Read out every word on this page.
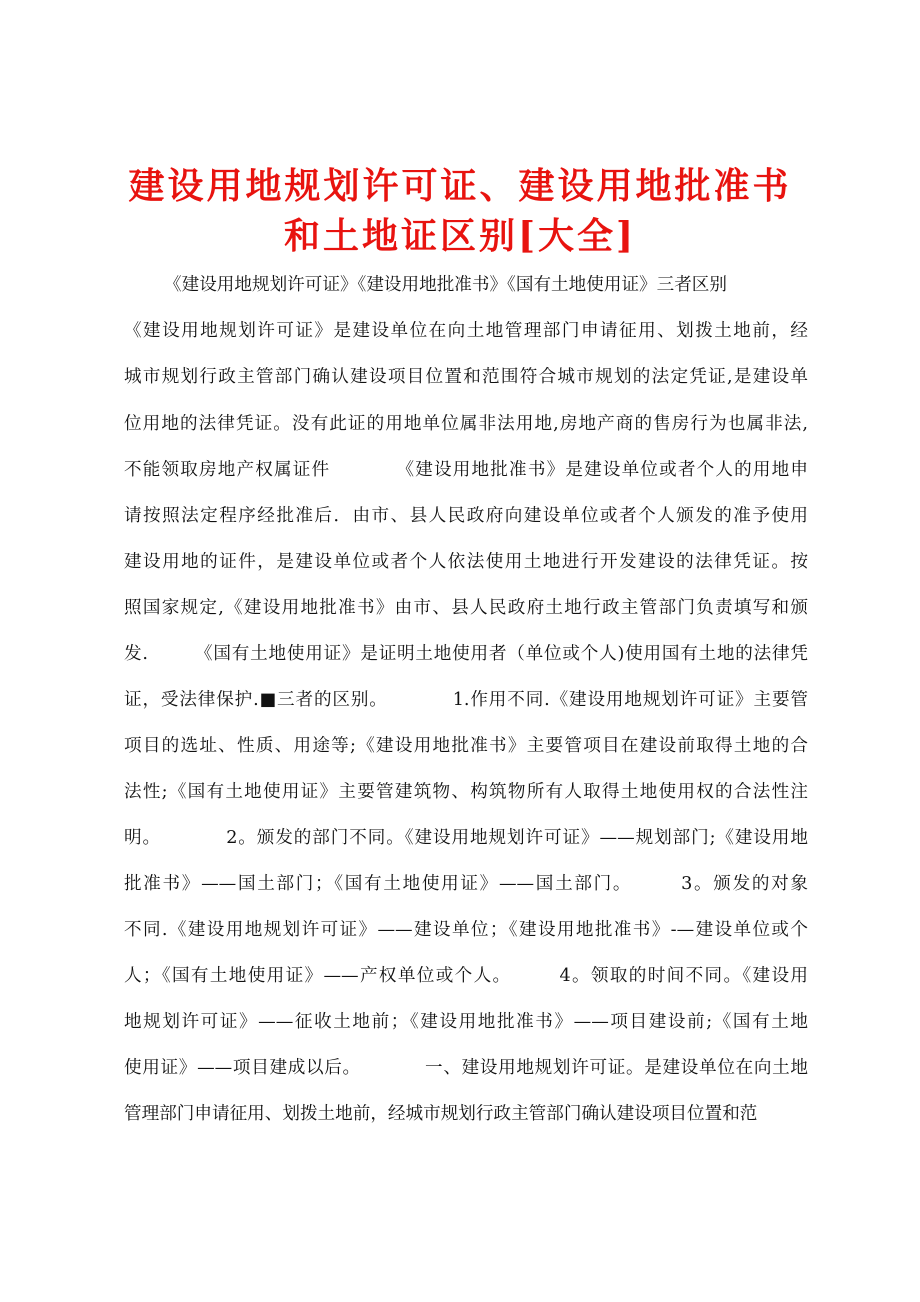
建设用地规划许可证、建设用地批准书
和土地证区别[大全]
《建设用地规划许可证》《建设用地批准书》《国有土地使用证》三者区别
《建设用地规划许可证》是建设单位在向土地管理部门申请征用、划拨土地前，经
城市规划行政主管部门确认建设项目位置和范围符合城市规划的法定凭证,是建设单
位用地的法律凭证。没有此证的用地单位属非法用地,房地产商的售房行为也属非法,
不能领取房地产权属证件　　　　《建设用地批准书》是建设单位或者个人的用地申
请按照法定程序经批准后．由市、县人民政府向建设单位或者个人颁发的准予使用
建设用地的证件，是建设单位或者个人依法使用土地进行开发建设的法律凭证。按
照国家规定,《建设用地批准书》由市、县人民政府土地行政主管部门负责填写和颁
发.　　　《国有土地使用证》是证明土地使用者（单位或个人)使用国有土地的法律凭
证，受法律保护.■三者的区别。　　　　1.作用不同.《建设用地规划许可证》主要管
项目的选址、性质、用途等;《建设用地批准书》主要管项目在建设前取得土地的合
法性;《国有土地使用证》主要管建筑物、构筑物所有人取得土地使用权的合法性注
明。　　　　2。颁发的部门不同。《建设用地规划许可证》——规划部门;《建设用地
批准书》——国土部门；《国有土地使用证》——国土部门。　　　3。颁发的对象
不同.《建设用地规划许可证》——建设单位；《建设用地批准书》-—建设单位或个
人；《国有土地使用证》——产权单位或个人。　　　4。领取的时间不同。《建设用
地规划许可证》——征收土地前；《建设用地批准书》——项目建设前;《国有土地
使用证》——项目建成以后。　　　　一、建设用地规划许可证。是建设单位在向土地
管理部门申请征用、划拨土地前，经城市规划行政主管部门确认建设项目位置和范
